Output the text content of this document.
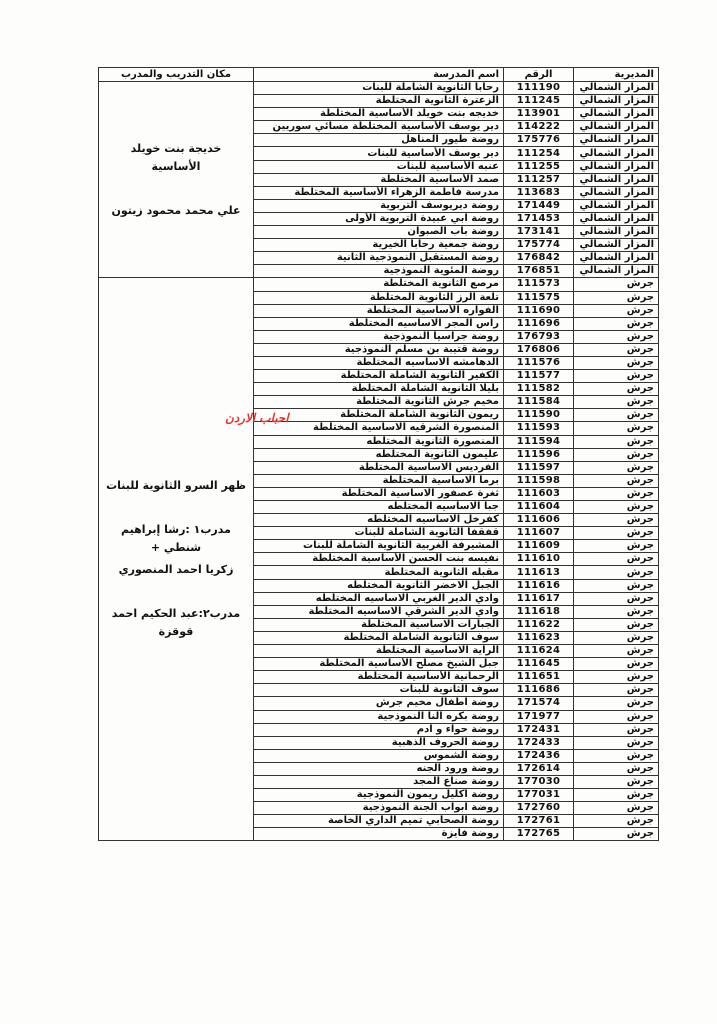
مكان التدريب والمدرب	اسم المدرسة	الرقم	المديرية

خديجة بنت خويلد الأساسية
علي محمد محمود زيتون	رحابا الثانوية الشاملة للبنات	111190	المزار الشمالي
	الزعترة الثانوية المختلطة	111245	المزار الشمالي
	خديجه بنت خويلد الأساسية المختلطة	113901	المزار الشمالي
	دير يوسف الأساسية المختلطة مسائي سوريين	114222	المزار الشمالي
	روضة طيور المناهل	175776	المزار الشمالي
	دير يوسف الأساسية للبنات	111254	المزار الشمالي
	عنبه الأساسية للبنات	111255	المزار الشمالي
	صمد الأساسية المختلطة	111257	المزار الشمالي
	مدرسة فاطمة الزهراء الأساسية المختلطة	113683	المزار الشمالي
	روضة ديريوسف التربوية	171449	المزار الشمالي
	روضة ابي عبيدة التربوية الأولى	171453	المزار الشمالي
	روضة باب الصبوان	173141	المزار الشمالي
	روضة جمعية رحابا الخيرية	175774	المزار الشمالي
	روضة المستقبل النموذجية الثانية	176842	المزار الشمالي
	روضة المئوية النموذجية	176851	المزار الشمالي

ظهر السرو الثانوية للبنات
مدرب١ :رشا إبراهيم شنطي +
زكريا احمد المنصوري
مدرب٢:عبد الحكيم احمد قوقزة	مرصع الثانوية المختلطة	111573	جرش
	تلعة الرز الثانوية المختلطة	111575	جرش
	الفواره الأساسية المختلطة	111690	جرش
	راس المجر الاساسيه المختلطة	111696	جرش
	روضة جراسيا النموذجية	176793	جرش
	روضة قتيبة بن مسلم النموذجية	176806	جرش
	الدهامشه الاساسيه المختلطة	111576	جرش
	الكفير الثانوية الشاملة المختلطة	111577	جرش
	بليلا الثانوية الشاملة المختلطة	111582	جرش
	مخيم جرش الثانوية المختلطة	111584	جرش
	ريمون الثانوية الشاملة المختلطة	111590	جرش
	المنصورة الشرقيه الاساسية المختلطة	111593	جرش
	المنصورة الثانوية المختلطه	111594	جرش
	عليمون الثانوية المختلطه	111596	جرش
	الفرديس الاساسية المختلطة	111597	جرش
	برما الاساسية المختلطة	111598	جرش
	ثغرة عصفور الاساسية المختلطة	111603	جرش
	جبا الاساسيه المختلطه	111604	جرش
	كفرخل الاساسيه المختلطه	111606	جرش
	قفقفا الثانوية الشاملة للبنات	111607	جرش
	المشيرفة الغربية الثانوية الشاملة للبنات	111609	جرش
	نفيسه بنت الحسن الأساسية المختلطة	111610	جرش
	مقبله الثانوية المختلطة	111613	جرش
	الجبل الاخضر الثانوية المختلطه	111616	جرش
	وادي الدير الغربي الاساسيه المختلطه	111617	جرش
	وادي الدير الشرقي الاساسيه المختلطة	111618	جرش
	الجبارات الاساسية المختلطة	111622	جرش
	سوف الثانوية الشاملة المختلطة	111623	جرش
	الراية الاساسية المختلطة	111624	جرش
	جبل الشيخ مصلح الأساسية المختلطة	111645	جرش
	الرحمانية الأساسية المختلطة	111651	جرش
	سوف الثانوية للبنات	111686	جرش
	روضة اطفال مخيم جرش	171574	جرش
	روضة بكره النا النموذجية	171977	جرش
	روضة حواء و ادم	172431	جرش
	روضة الحروف الذهبية	172433	جرش
	روضة الشموس	172436	جرش
	روضة ورود الجنه	172614	جرش
	روضة صناع المجد	177030	جرش
	روضة اكليل ريمون النموذجية	177031	جرش
	روضة ابواب الجنة النموذجية	172760	جرش
	روضة الصحابي تميم الداري الخاصة	172761	جرش
	روضة فايزة	172765	جرش
احباب الاردن
